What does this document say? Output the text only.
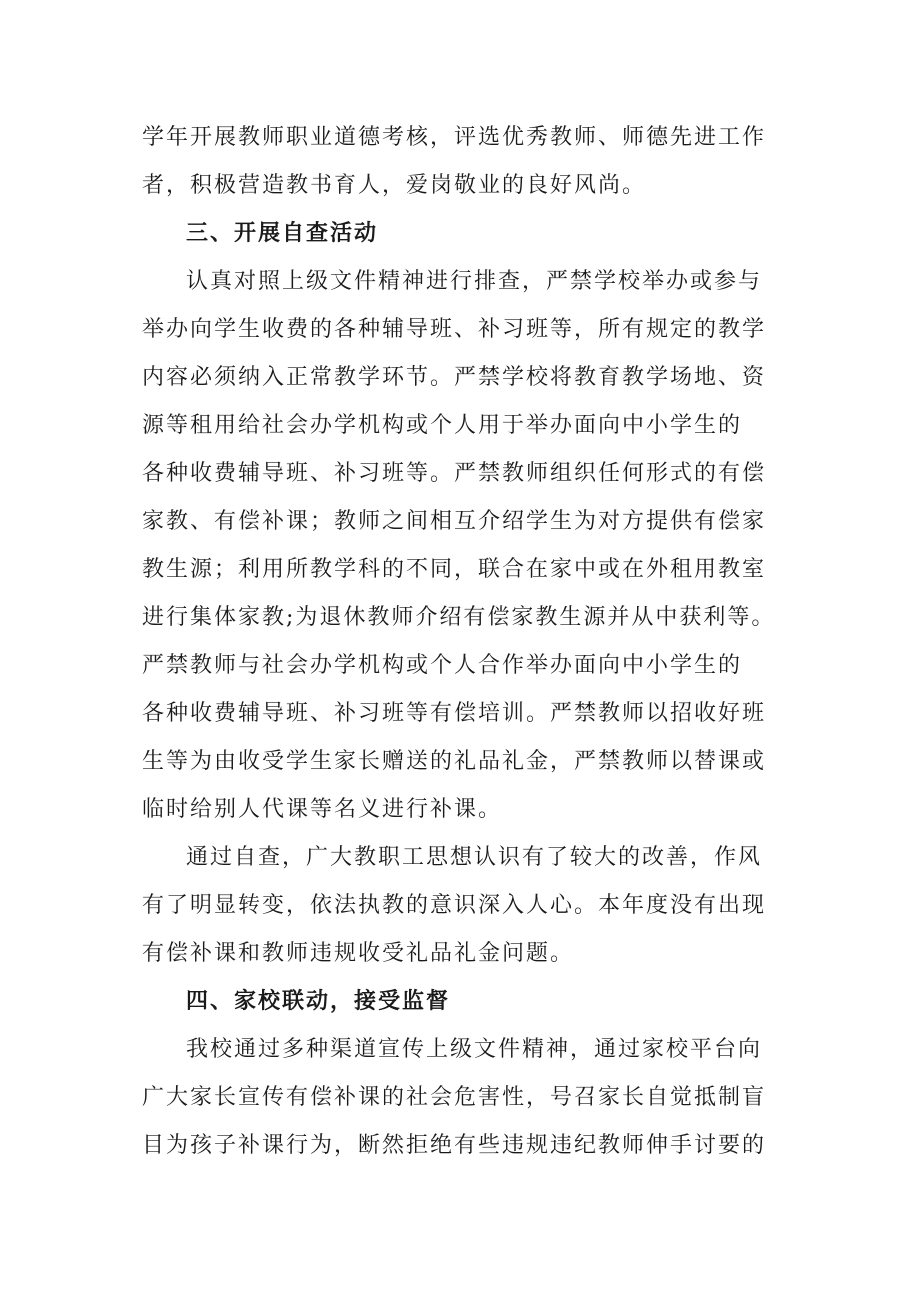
学年开展教师职业道德考核，评选优秀教师、师德先进工作
者，积极营造教书育人，爱岗敬业的良好风尚。
三、开展自查活动
认真对照上级文件精神进行排查，严禁学校举办或参与
举办向学生收费的各种辅导班、补习班等，所有规定的教学
内容必须纳入正常教学环节。严禁学校将教育教学场地、资
源等租用给社会办学机构或个人用于举办面向中小学生的
各种收费辅导班、补习班等。严禁教师组织任何形式的有偿
家教、有偿补课；教师之间相互介绍学生为对方提供有偿家
教生源；利用所教学科的不同，联合在家中或在外租用教室
进行集体家教;为退休教师介绍有偿家教生源并从中获利等。
严禁教师与社会办学机构或个人合作举办面向中小学生的
各种收费辅导班、补习班等有偿培训。严禁教师以招收好班
生等为由收受学生家长赠送的礼品礼金，严禁教师以替课或
临时给别人代课等名义进行补课。
通过自查，广大教职工思想认识有了较大的改善，作风
有了明显转变，依法执教的意识深入人心。本年度没有出现
有偿补课和教师违规收受礼品礼金问题。
四、家校联动，接受监督
我校通过多种渠道宣传上级文件精神，通过家校平台向
广大家长宣传有偿补课的社会危害性，号召家长自觉抵制盲
目为孩子补课行为，断然拒绝有些违规违纪教师伸手讨要的
